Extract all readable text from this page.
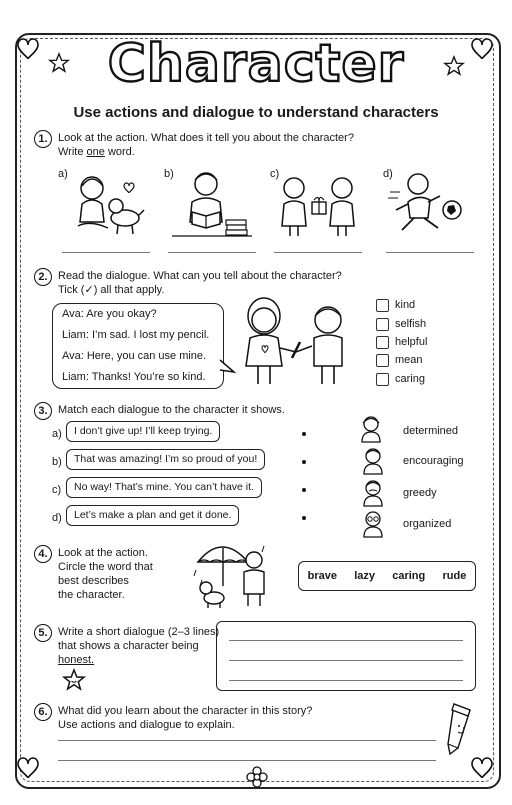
Character
Use actions and dialogue to understand characters
1. Look at the action. What does it tell you about the character?
Write one word.
a)	b)	c)	d)
2. Read the dialogue. What can you tell about the character?
Tick (✓) all that apply.
Ava: Are you okay?
Liam: I’m sad. I lost my pencil.
Ava: Here, you can use mine.
Liam: Thanks! You’re so kind.
kind
selfish
helpful
mean
caring
3. Match each dialogue to the character it shows.
a)	I don’t give up! I’ll keep trying.
b)	That was amazing! I’m so proud of you!
c)	No way! That’s mine. You can’t have it.
d)	Let’s make a plan and get it done.
determined
encouraging
greedy
organized
4. Look at the action.
Circle the word that
best describes
the character.
brave lazy caring rude
5. Write a short dialogue (2–3 lines)
that shows a character being
honest.
6. What did you learn about the character in this story?
Use actions and dialogue to explain.
